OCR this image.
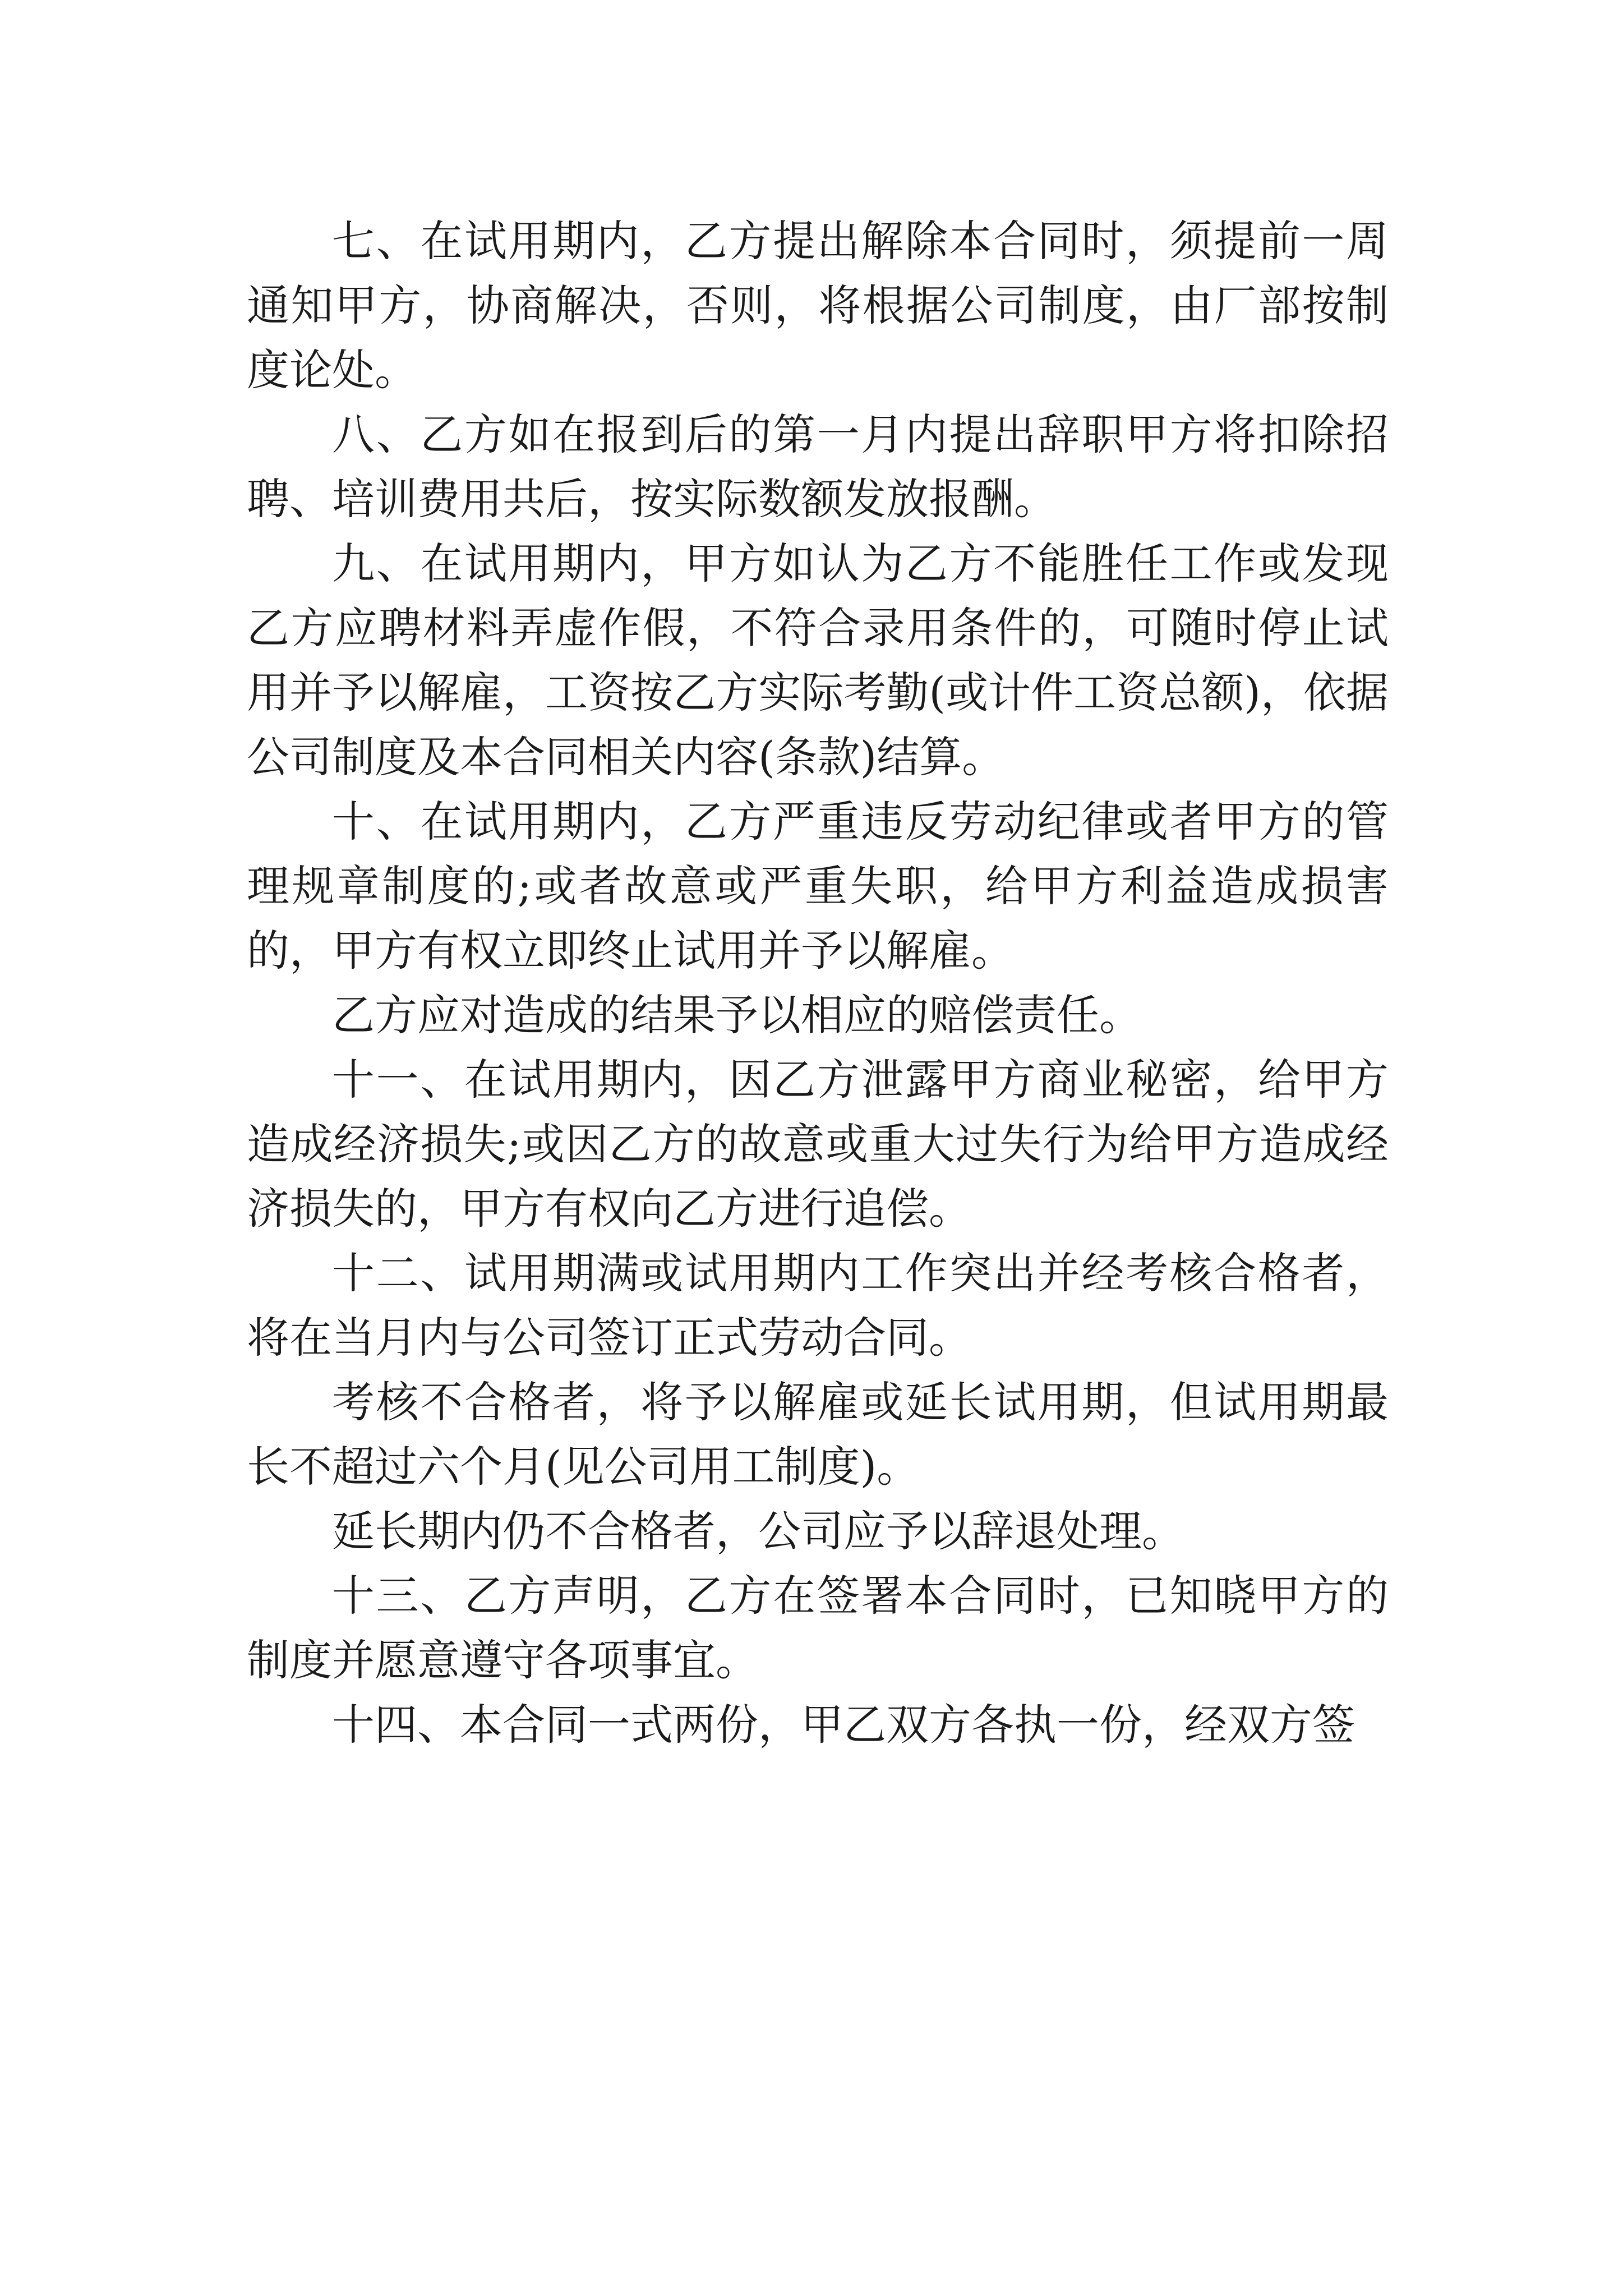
七、在试用期内，乙方提出解除本合同时，须提前一周通知甲方，协商解决，否则，将根据公司制度，由厂部按制度论处。

八、乙方如在报到后的第一月内提出辞职甲方将扣除招聘、培训费用共后，按实际数额发放报酬。

九、在试用期内，甲方如认为乙方不能胜任工作或发现乙方应聘材料弄虚作假，不符合录用条件的，可随时停止试用并予以解雇，工资按乙方实际考勤(或计件工资总额)，依据公司制度及本合同相关内容(条款)结算。

十、在试用期内，乙方严重违反劳动纪律或者甲方的管理规章制度的;或者故意或严重失职，给甲方利益造成损害的，甲方有权立即终止试用并予以解雇。

乙方应对造成的结果予以相应的赔偿责任。

十一、在试用期内，因乙方泄露甲方商业秘密，给甲方造成经济损失;或因乙方的故意或重大过失行为给甲方造成经济损失的，甲方有权向乙方进行追偿。

十二、试用期满或试用期内工作突出并经考核合格者，将在当月内与公司签订正式劳动合同。

考核不合格者，将予以解雇或延长试用期，但试用期最长不超过六个月(见公司用工制度)。

延长期内仍不合格者，公司应予以辞退处理。

十三、乙方声明，乙方在签署本合同时，已知晓甲方的制度并愿意遵守各项事宜。

十四、本合同一式两份，甲乙双方各执一份，经双方签
